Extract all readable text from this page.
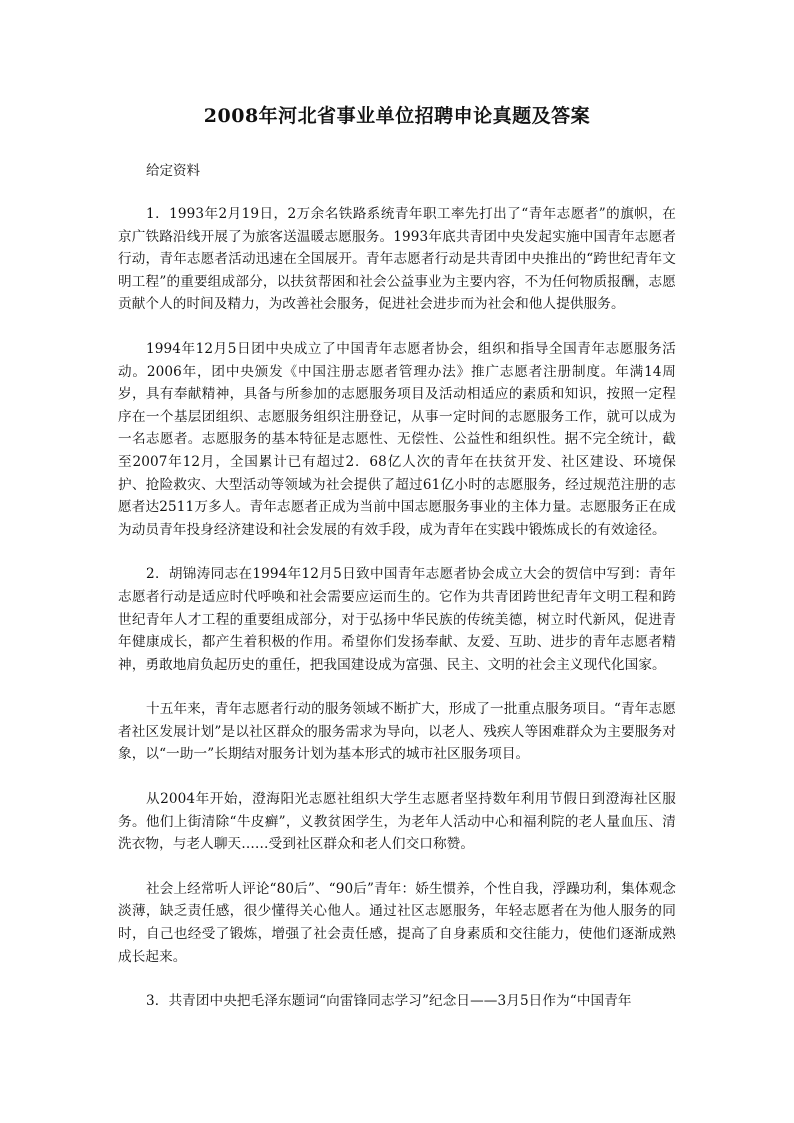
2008年河北省事业单位招聘申论真题及答案
给定资料

1．1993年2月19日，2万余名铁路系统青年职工率先打出了“青年志愿者”的旗帜，在京广铁路沿线开展了为旅客送温暖志愿服务。1993年底共青团中央发起实施中国青年志愿者行动，青年志愿者活动迅速在全国展开。青年志愿者行动是共青团中央推出的“跨世纪青年文明工程”的重要组成部分，以扶贫帮困和社会公益事业为主要内容，不为任何物质报酬，志愿贡献个人的时间及精力，为改善社会服务，促进社会进步而为社会和他人提供服务。

1994年12月5日团中央成立了中国青年志愿者协会，组织和指导全国青年志愿服务活动。2006年，团中央颁发《中国注册志愿者管理办法》推广志愿者注册制度。年满14周岁，具有奉献精神，具备与所参加的志愿服务项目及活动相适应的素质和知识，按照一定程序在一个基层团组织、志愿服务组织注册登记，从事一定时间的志愿服务工作，就可以成为一名志愿者。志愿服务的基本特征是志愿性、无偿性、公益性和组织性。据不完全统计，截至2007年12月，全国累计已有超过2．68亿人次的青年在扶贫开发、社区建设、环境保护、抢险救灾、大型活动等领域为社会提供了超过61亿小时的志愿服务，经过规范注册的志愿者达2511万多人。青年志愿者正成为当前中国志愿服务事业的主体力量。志愿服务正在成为动员青年投身经济建设和社会发展的有效手段，成为青年在实践中锻炼成长的有效途径。

2．胡锦涛同志在1994年12月5日致中国青年志愿者协会成立大会的贺信中写到：青年志愿者行动是适应时代呼唤和社会需要应运而生的。它作为共青团跨世纪青年文明工程和跨世纪青年人才工程的重要组成部分，对于弘扬中华民族的传统美德，树立时代新风，促进青年健康成长，都产生着积极的作用。希望你们发扬奉献、友爱、互助、进步的青年志愿者精神，勇敢地肩负起历史的重任，把我国建设成为富强、民主、文明的社会主义现代化国家。

十五年来，青年志愿者行动的服务领域不断扩大，形成了一批重点服务项目。“青年志愿者社区发展计划”是以社区群众的服务需求为导向，以老人、残疾人等困难群众为主要服务对象，以“一助一”长期结对服务计划为基本形式的城市社区服务项目。

从2004年开始，澄海阳光志愿社组织大学生志愿者坚持数年利用节假日到澄海社区服务。他们上街清除“牛皮癣”，义教贫困学生，为老年人活动中心和福利院的老人量血压、清洗衣物，与老人聊天……受到社区群众和老人们交口称赞。

社会上经常听人评论“80后”、“90后”青年：娇生惯养，个性自我，浮躁功利，集体观念淡薄，缺乏责任感，很少懂得关心他人。通过社区志愿服务，年轻志愿者在为他人服务的同时，自己也经受了锻炼，增强了社会责任感，提高了自身素质和交往能力，使他们逐渐成熟成长起来。

3．共青团中央把毛泽东题词“向雷锋同志学习”纪念日——3月5日作为“中国青年
